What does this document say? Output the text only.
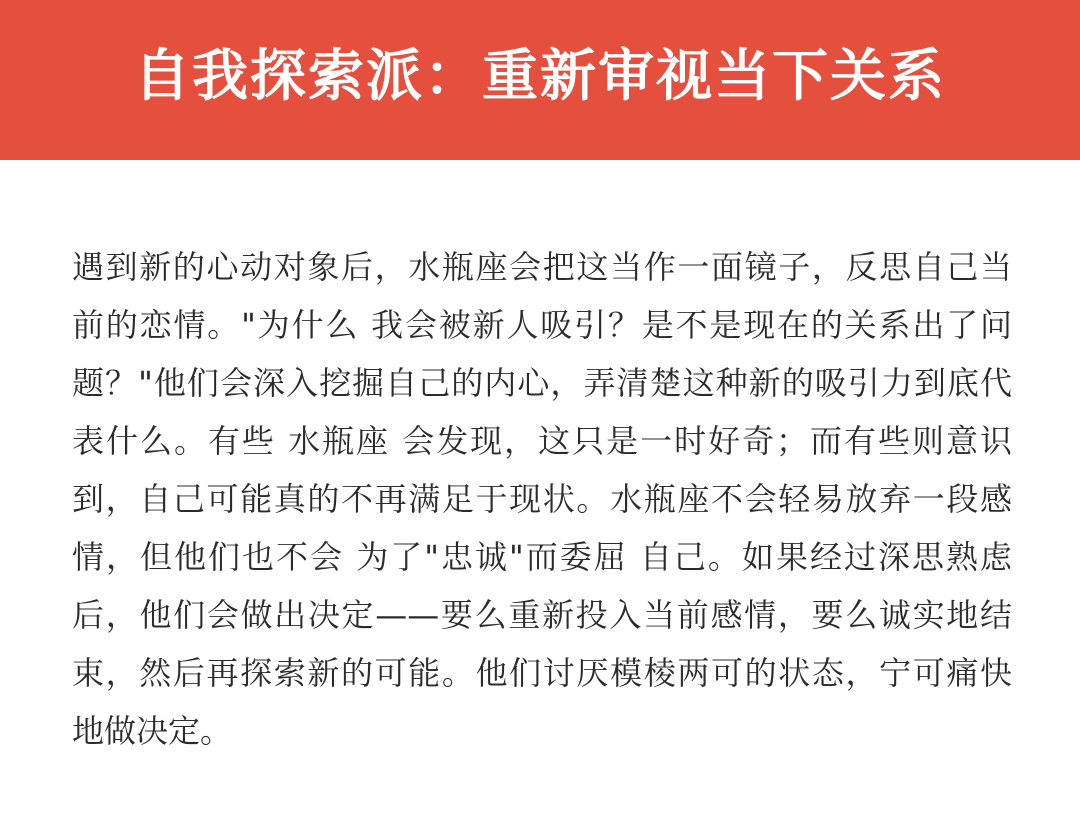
自我探索派：重新审视当下关系
遇到新的心动对象后，水瓶座会把这当作一面镜子，反思自己当
前的恋情。"为什么 我会被新人吸引？是不是现在的关系出了问
题？"他们会深入挖掘自己的内心，弄清楚这种新的吸引力到底代
表什么。有些 水瓶座 会发现，这只是一时好奇；而有些则意识
到，自己可能真的不再满足于现状。水瓶座不会轻易放弃一段感
情，但他们也不会 为了"忠诚"而委屈 自己。如果经过深思熟虑
后，他们会做出决定——要么重新投入当前感情，要么诚实地结
束，然后再探索新的可能。他们讨厌模棱两可的状态，宁可痛快
地做决定。
